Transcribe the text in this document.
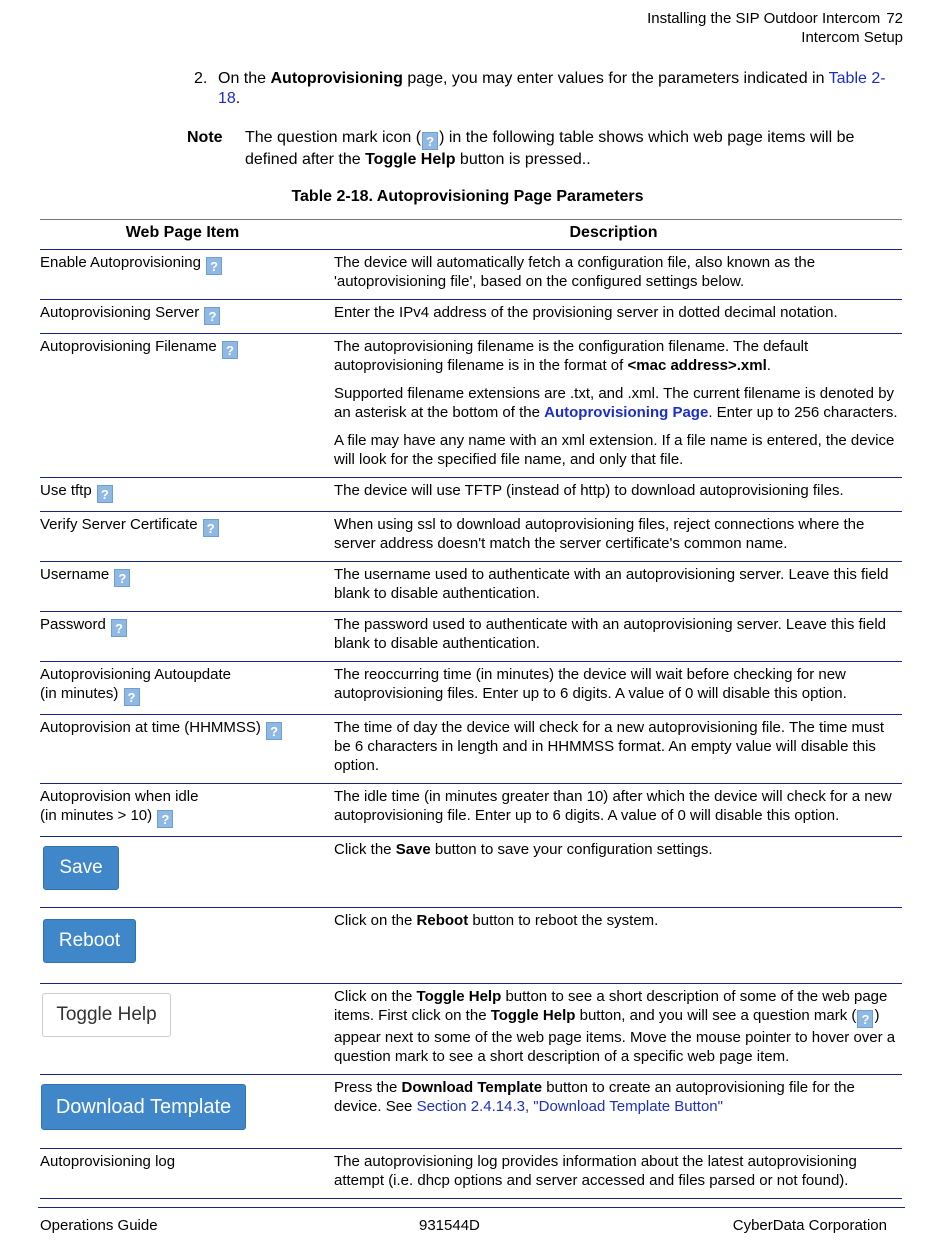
Installing the SIP Outdoor Intercom 72
Intercom Setup
2. On the Autoprovisioning page, you may enter values for the parameters indicated in Table 2-18.
Note The question mark icon ( ? ) in the following table shows which web page items will be defined after the Toggle Help button is pressed..
Table 2-18. Autoprovisioning Page Parameters
Web Page Item	Description
Enable Autoprovisioning ?	The device will automatically fetch a configuration file, also known as the 'autoprovisioning file', based on the configured settings below.
Autoprovisioning Server ?	Enter the IPv4 address of the provisioning server in dotted decimal notation.
Autoprovisioning Filename ?	The autoprovisioning filename is the configuration filename. The default autoprovisioning filename is in the format of <mac address>.xml.

Supported filename extensions are .txt, and .xml. The current filename is denoted by an asterisk at the bottom of the Autoprovisioning Page. Enter up to 256 characters.

A file may have any name with an xml extension. If a file name is entered, the device will look for the specified file name, and only that file.

Use tftp ?	The device will use TFTP (instead of http) to download autoprovisioning files.
Verify Server Certificate ?	When using ssl to download autoprovisioning files, reject connections where the server address doesn't match the server certificate's common name.
Username ?	The username used to authenticate with an autoprovisioning server. Leave this field blank to disable authentication.
Password ?	The password used to authenticate with an autoprovisioning server. Leave this field blank to disable authentication.
Autoprovisioning Autoupdate
(in minutes) ?	The reoccurring time (in minutes) the device will wait before checking for new autoprovisioning files. Enter up to 6 digits. A value of 0 will disable this option.
Autoprovision at time (HHMMSS) ?	The time of day the device will check for a new autoprovisioning file. The time must be 6 characters in length and in HHMMSS format. An empty value will disable this option.
Autoprovision when idle
(in minutes > 10) ?	The idle time (in minutes greater than 10) after which the device will check for a new autoprovisioning file. Enter up to 6 digits. A value of 0 will disable this option.
Save	Click the Save button to save your configuration settings.
Reboot	Click on the Reboot button to reboot the system.
Toggle Help	Click on the Toggle Help button to see a short description of some of the web page items. First click on the Toggle Help button, and you will see a question mark ( ? ) appear next to some of the web page items. Move the mouse pointer to hover over a question mark to see a short description of a specific web page item.
Download Template	Press the Download Template button to create an autoprovisioning file for the device. See Section 2.4.14.3, "Download Template Button"
Autoprovisioning log	The autoprovisioning log provides information about the latest autoprovisioning attempt (i.e. dhcp options and server accessed and files parsed or not found).
Operations Guide	931544D	CyberData Corporation
